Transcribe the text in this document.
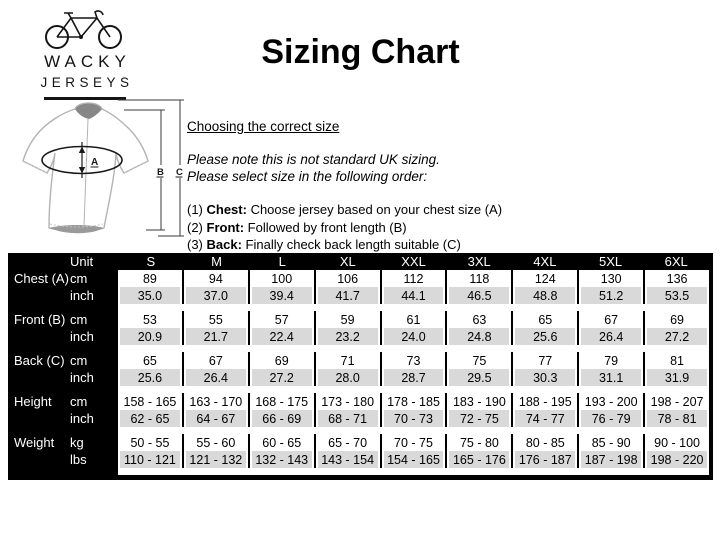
WACKY
JERSEYS
Sizing Chart
A
B C
Choosing the correct size
Please note this is not standard UK sizing.
Please select size in the following order:
(1) Chest: Choose jersey based on your chest size (A)
(2) Front: Followed by front length (B)
(3) Back: Finally check back length suitable (C)
Unit	S	M	L	XL	XXL	3XL	4XL	5XL	6XL
Chest (A) cm	89	94	100	106	112	118	124	130	136
inch	35.0	37.0	39.4	41.7	44.1	46.5	48.8	51.2	53.5
Front (B) cm	53	55	57	59	61	63	65	67	69
inch	20.9	21.7	22.4	23.2	24.0	24.8	25.6	26.4	27.2
Back (C) cm	65	67	69	71	73	75	77	79	81
inch	25.6	26.4	27.2	28.0	28.7	29.5	30.3	31.1	31.9
Height	cm	158 - 165	163 - 170	168 - 175	173 - 180	178 - 185	183 - 190	188 - 195	193 - 200	198 - 207
inch	62 - 65	64 - 67	66 - 69	68 - 71	70 - 73	72 - 75	74 - 77	76 - 79	78 - 81
Weight	kg	50 - 55	55 - 60	60 - 65	65 - 70	70 - 75	75 - 80	80 - 85	85 - 90	90 - 100
lbs	110 - 121	121 - 132	132 - 143	143 - 154	154 - 165	165 - 176	176 - 187	187 - 198	198 - 220
